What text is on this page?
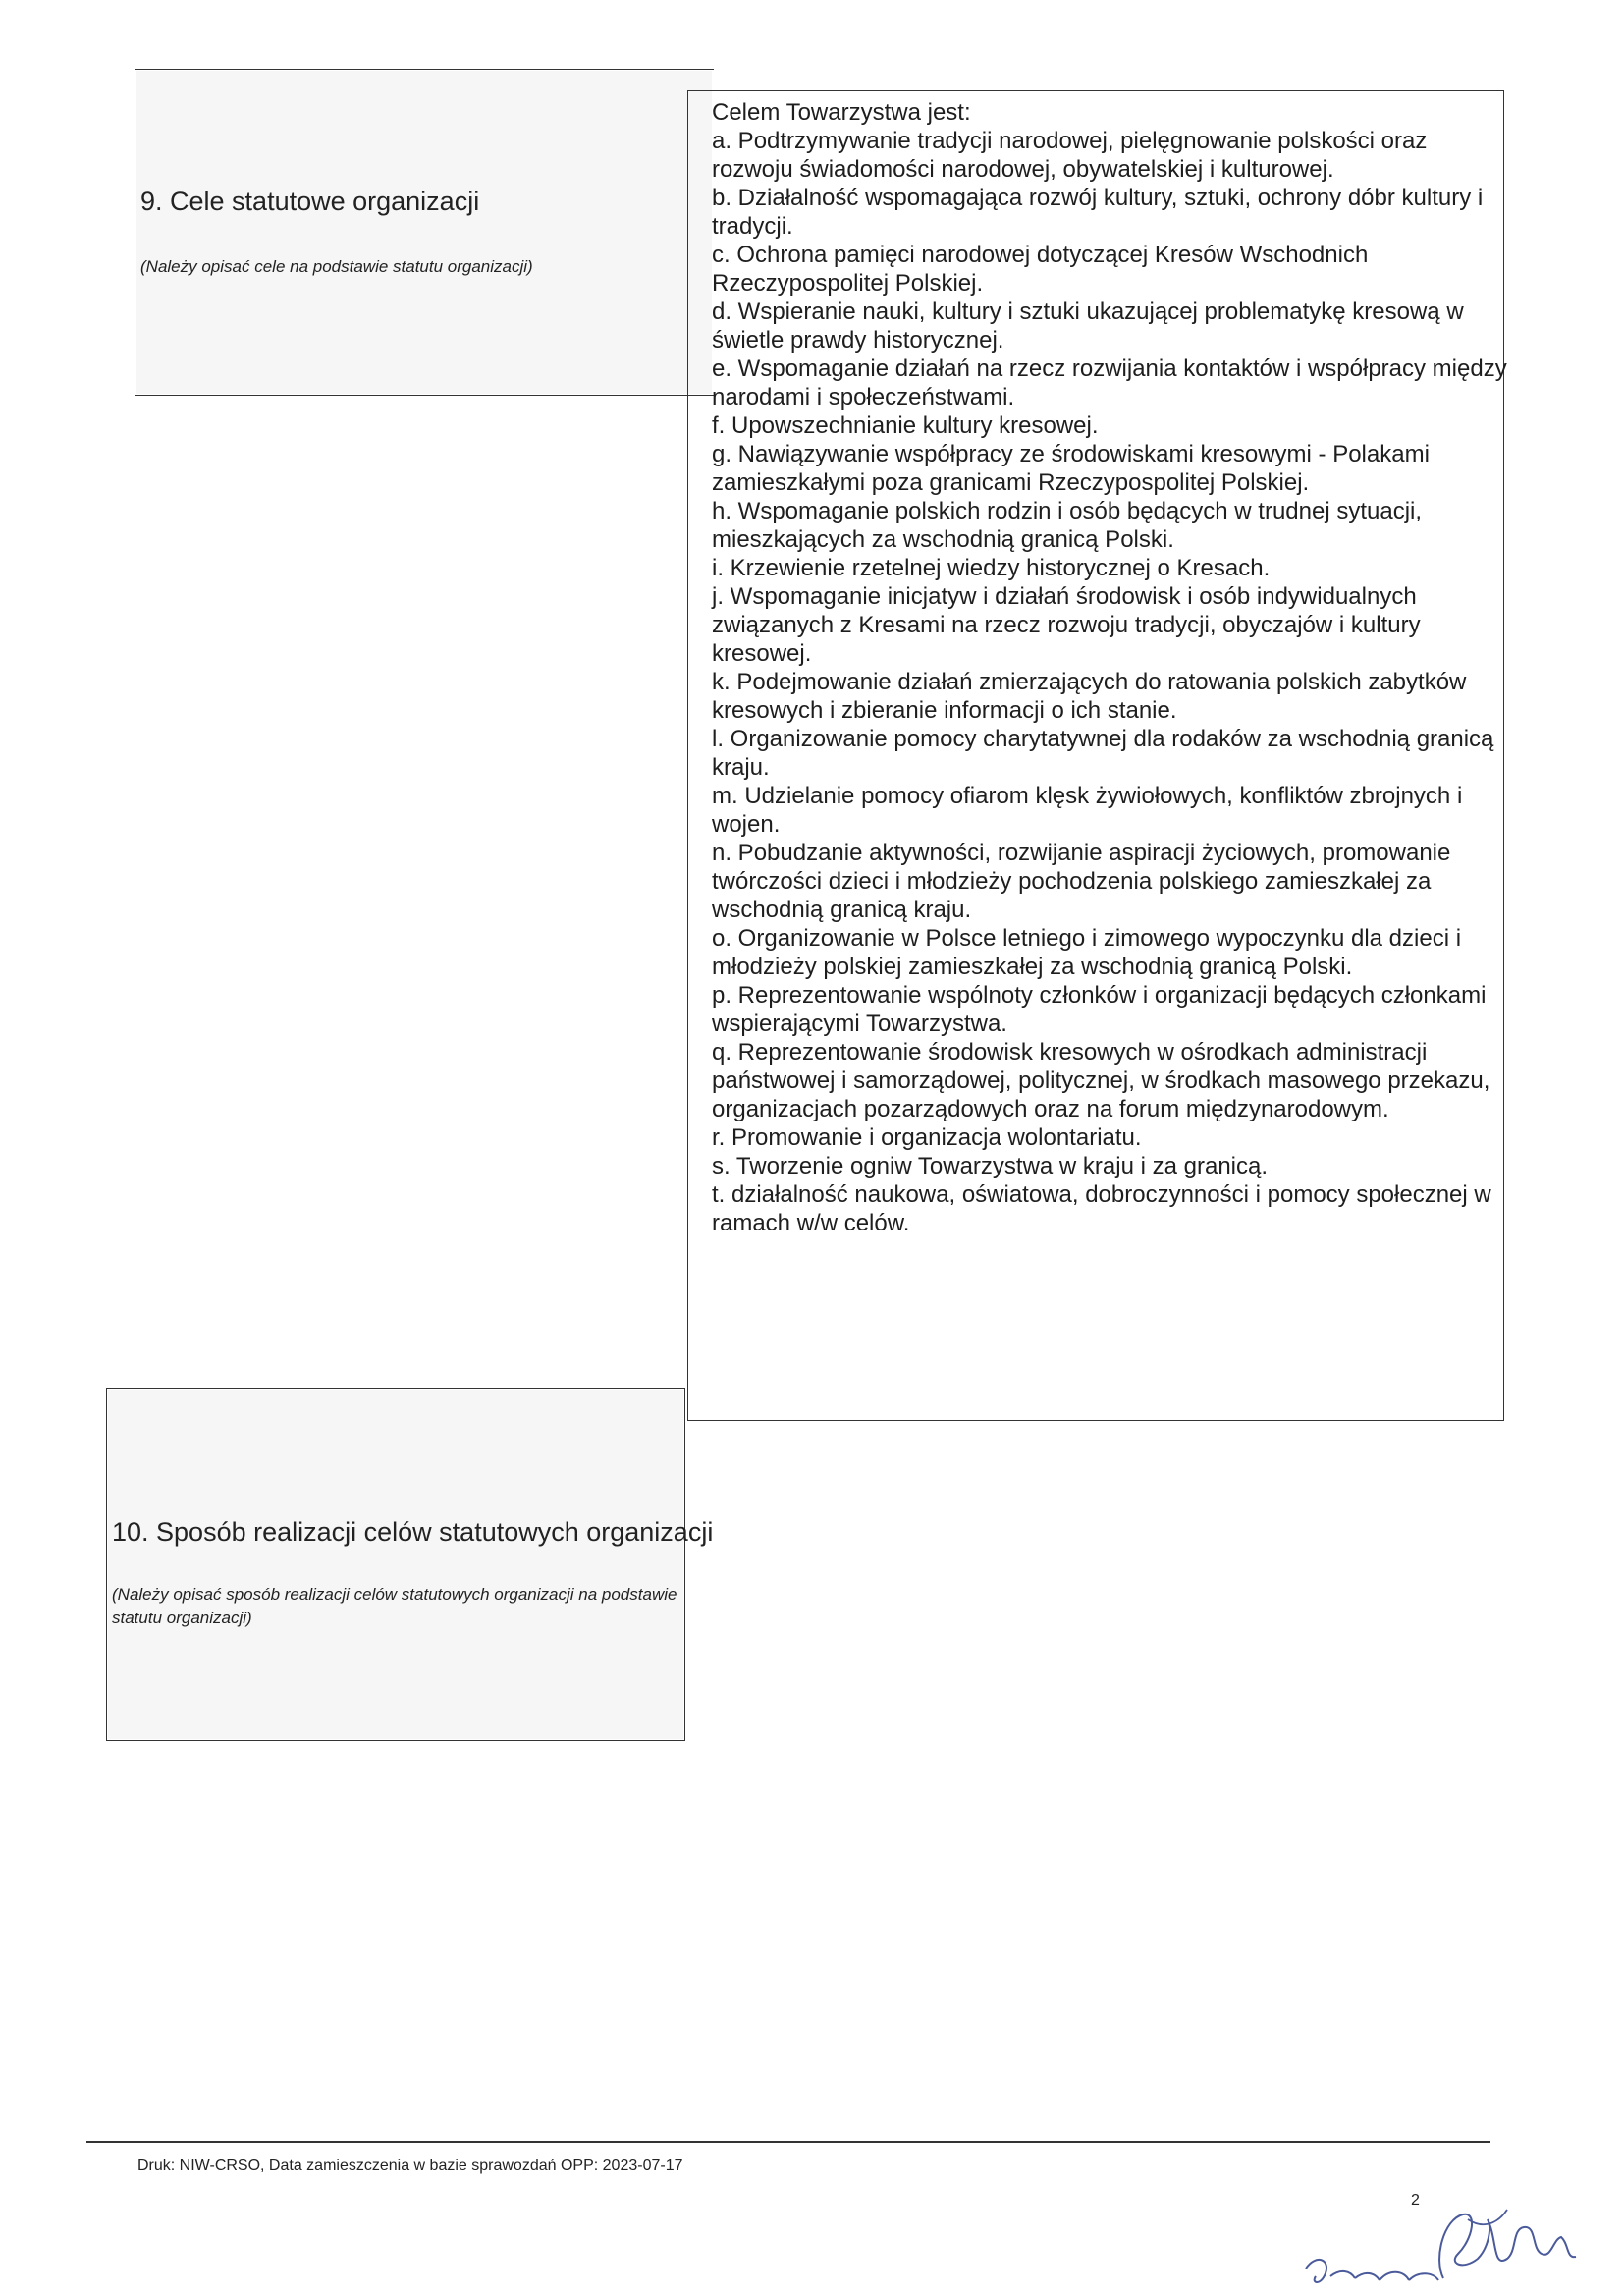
9. Cele statutowe organizacji
(Należy opisać cele na podstawie statutu organizacji)
Celem Towarzystwa jest:
a. Podtrzymywanie tradycji narodowej, pielęgnowanie polskości oraz rozwoju świadomości narodowej, obywatelskiej i kulturowej.
b. Działalność wspomagająca rozwój kultury, sztuki, ochrony dóbr kultury i tradycji.
c. Ochrona pamięci narodowej dotyczącej Kresów Wschodnich Rzeczypospolitej Polskiej.
d. Wspieranie nauki, kultury i sztuki ukazującej problematykę kresową w świetle prawdy historycznej.
e. Wspomaganie działań na rzecz rozwijania kontaktów i współpracy między narodami i społeczeństwami.
f. Upowszechnianie kultury kresowej.
g. Nawiązywanie współpracy ze środowiskami kresowymi - Polakami zamieszkałymi poza granicami Rzeczypospolitej Polskiej.
h. Wspomaganie polskich rodzin i osób będących w trudnej sytuacji, mieszkających za wschodnią granicą Polski.
i. Krzewienie rzetelnej wiedzy historycznej o Kresach.
j. Wspomaganie inicjatyw i działań środowisk i osób indywidualnych związanych z Kresami na rzecz rozwoju tradycji, obyczajów i kultury kresowej.
k. Podejmowanie działań zmierzających do ratowania polskich zabytków kresowych i zbieranie informacji o ich stanie.
l. Organizowanie pomocy charytatywnej dla rodaków za wschodnią granicą kraju.
m. Udzielanie pomocy ofiarom klęsk żywiołowych, konfliktów zbrojnych i wojen.
n. Pobudzanie aktywności, rozwijanie aspiracji życiowych, promowanie twórczości dzieci i młodzieży pochodzenia polskiego zamieszkałej za wschodnią granicą kraju.
o. Organizowanie w Polsce letniego i zimowego wypoczynku dla dzieci i młodzieży polskiej zamieszkałej za wschodnią granicą Polski.
p. Reprezentowanie wspólnoty członków i organizacji będących członkami wspierającymi Towarzystwa.
q. Reprezentowanie środowisk kresowych w ośrodkach administracji państwowej i samorządowej, politycznej, w środkach masowego przekazu, organizacjach pozarządowych oraz na forum międzynarodowym.
r. Promowanie i organizacja wolontariatu.
s. Tworzenie ogniw Towarzystwa w kraju i za granicą.
t. działalność naukowa, oświatowa, dobroczynności i pomocy społecznej w ramach w/w celów.
10. Sposób realizacji celów statutowych organizacji
(Należy opisać sposób realizacji celów statutowych organizacji na podstawie statutu organizacji)
Druk: NIW-CRSO, Data zamieszczenia w bazie sprawozdań OPP: 2023-07-17
2
